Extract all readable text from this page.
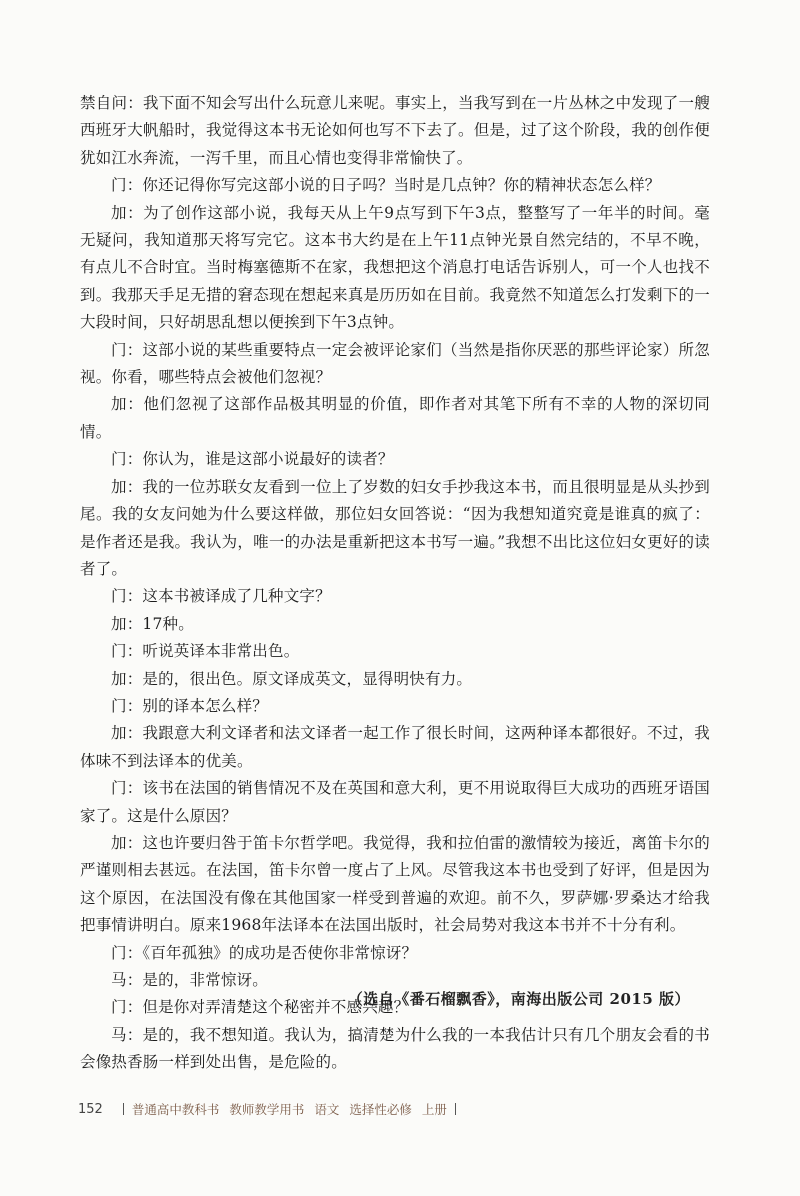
禁自问：我下面不知会写出什么玩意儿来呢。事实上，当我写到在一片丛林之中发现了一艘西班牙大帆船时，我觉得这本书无论如何也写不下去了。但是，过了这个阶段，我的创作便犹如江水奔流，一泻千里，而且心情也变得非常愉快了。

门：你还记得你写完这部小说的日子吗？当时是几点钟？你的精神状态怎么样？

加：为了创作这部小说，我每天从上午9点写到下午3点，整整写了一年半的时间。毫无疑问，我知道那天将写完它。这本书大约是在上午11点钟光景自然完结的，不早不晚，有点儿不合时宜。当时梅塞德斯不在家，我想把这个消息打电话告诉别人，可一个人也找不到。我那天手足无措的窘态现在想起来真是历历如在目前。我竟然不知道怎么打发剩下的一大段时间，只好胡思乱想以便挨到下午3点钟。

门：这部小说的某些重要特点一定会被评论家们（当然是指你厌恶的那些评论家）所忽视。你看，哪些特点会被他们忽视？

加：他们忽视了这部作品极其明显的价值，即作者对其笔下所有不幸的人物的深切同情。

门：你认为，谁是这部小说最好的读者？

加：我的一位苏联女友看到一位上了岁数的妇女手抄我这本书，而且很明显是从头抄到尾。我的女友问她为什么要这样做，那位妇女回答说：“因为我想知道究竟是谁真的疯了：是作者还是我。我认为，唯一的办法是重新把这本书写一遍。”我想不出比这位妇女更好的读者了。

门：这本书被译成了几种文字？

加：17种。

门：听说英译本非常出色。

加：是的，很出色。原文译成英文，显得明快有力。

门：别的译本怎么样？

加：我跟意大利文译者和法文译者一起工作了很长时间，这两种译本都很好。不过，我体味不到法译本的优美。

门：该书在法国的销售情况不及在英国和意大利，更不用说取得巨大成功的西班牙语国家了。这是什么原因？

加：这也许要归咎于笛卡尔哲学吧。我觉得，我和拉伯雷的激情较为接近，离笛卡尔的严谨则相去甚远。在法国，笛卡尔曾一度占了上风。尽管我这本书也受到了好评，但是因为这个原因，在法国没有像在其他国家一样受到普遍的欢迎。前不久，罗萨娜·罗桑达才给我把事情讲明白。原来1968年法译本在法国出版时，社会局势对我这本书并不十分有利。

门：《百年孤独》的成功是否使你非常惊讶？

马：是的，非常惊讶。

门：但是你对弄清楚这个秘密并不感兴趣？

马：是的，我不想知道。我认为，搞清楚为什么我的一本我估计只有几个朋友会看的书会像热香肠一样到处出售，是危险的。

（选自《番石榴飘香》，南海出版公司 2015 版）
152 普通高中教科书 教师教学用书 语文 选择性必修 上册
